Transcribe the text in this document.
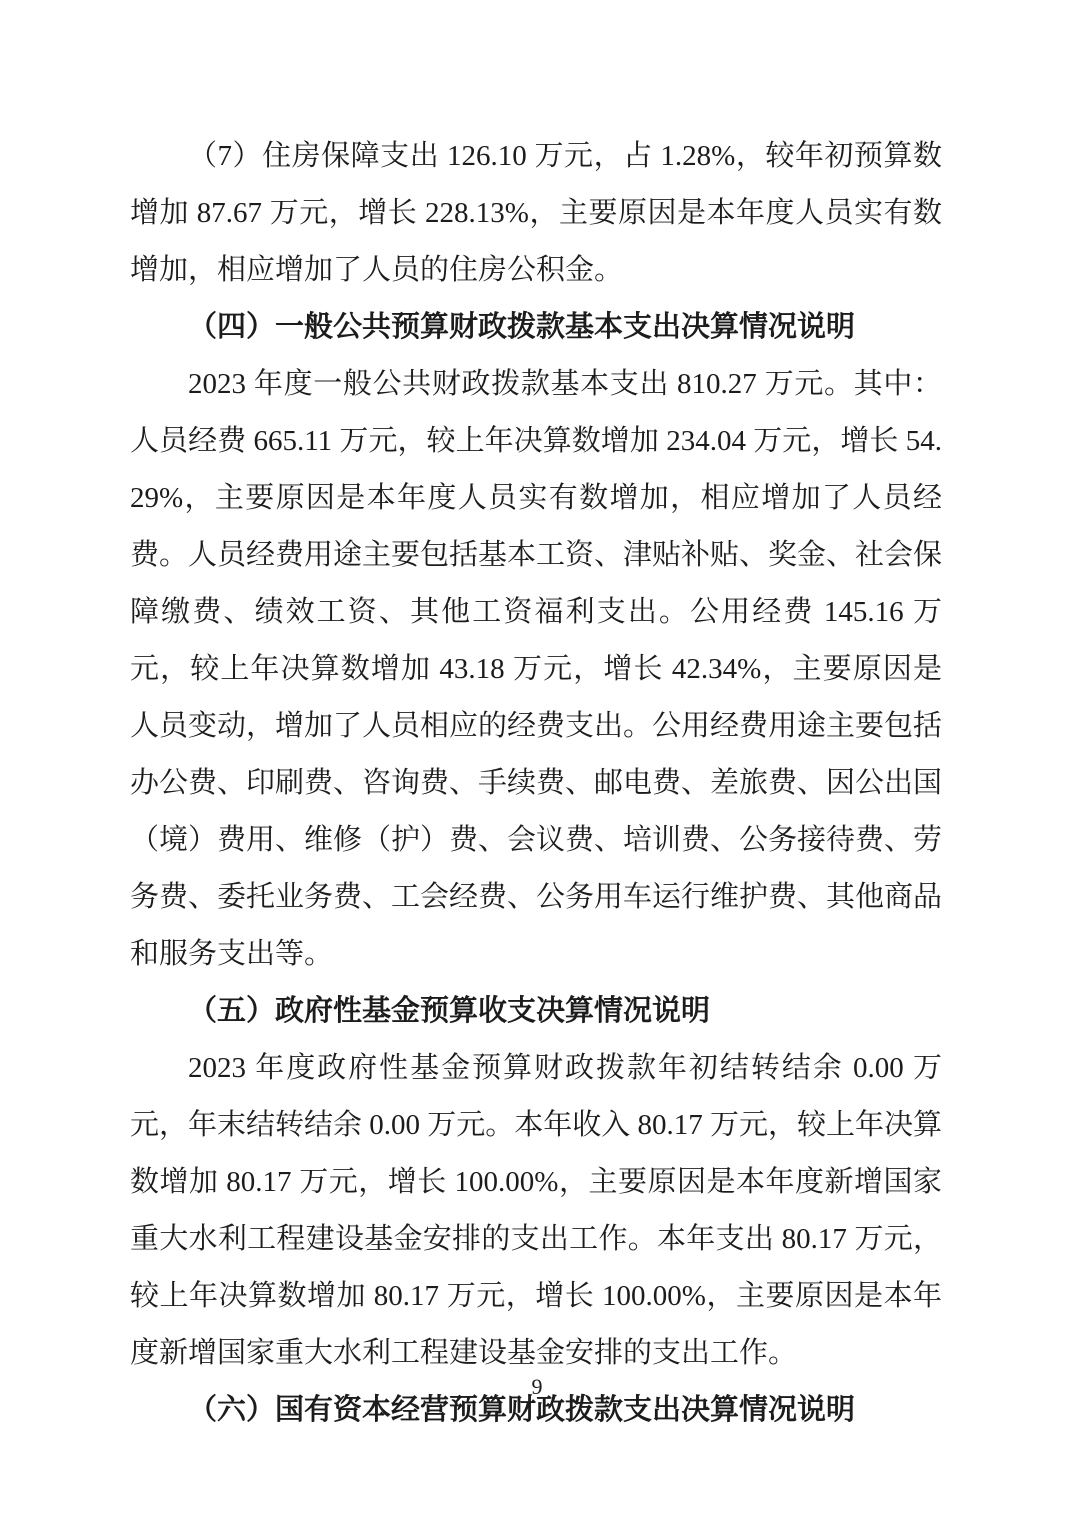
（7）住房保障支出 126.10 万元，占 1.28%，较年初预算数增加 87.67 万元，增长 228.13%，主要原因是本年度人员实有数增加，相应增加了人员的住房公积金。

（四）一般公共预算财政拨款基本支出决算情况说明

2023 年度一般公共财政拨款基本支出 810.27 万元。其中：人员经费 665.11 万元，较上年决算数增加 234.04 万元，增长 54.29%，主要原因是本年度人员实有数增加，相应增加了人员经费。人员经费用途主要包括基本工资、津贴补贴、奖金、社会保障缴费、绩效工资、其他工资福利支出。公用经费 145.16 万元，较上年决算数增加 43.18 万元，增长 42.34%，主要原因是人员变动，增加了人员相应的经费支出。公用经费用途主要包括办公费、印刷费、咨询费、手续费、邮电费、差旅费、因公出国（境）费用、维修（护）费、会议费、培训费、公务接待费、劳务费、委托业务费、工会经费、公务用车运行维护费、其他商品和服务支出等。

（五）政府性基金预算收支决算情况说明

2023 年度政府性基金预算财政拨款年初结转结余 0.00 万元，年末结转结余 0.00 万元。本年收入 80.17 万元，较上年决算数增加 80.17 万元，增长 100.00%，主要原因是本年度新增国家重大水利工程建设基金安排的支出工作。本年支出 80.17 万元，较上年决算数增加 80.17 万元，增长 100.00%，主要原因是本年度新增国家重大水利工程建设基金安排的支出工作。

（六）国有资本经营预算财政拨款支出决算情况说明

9
